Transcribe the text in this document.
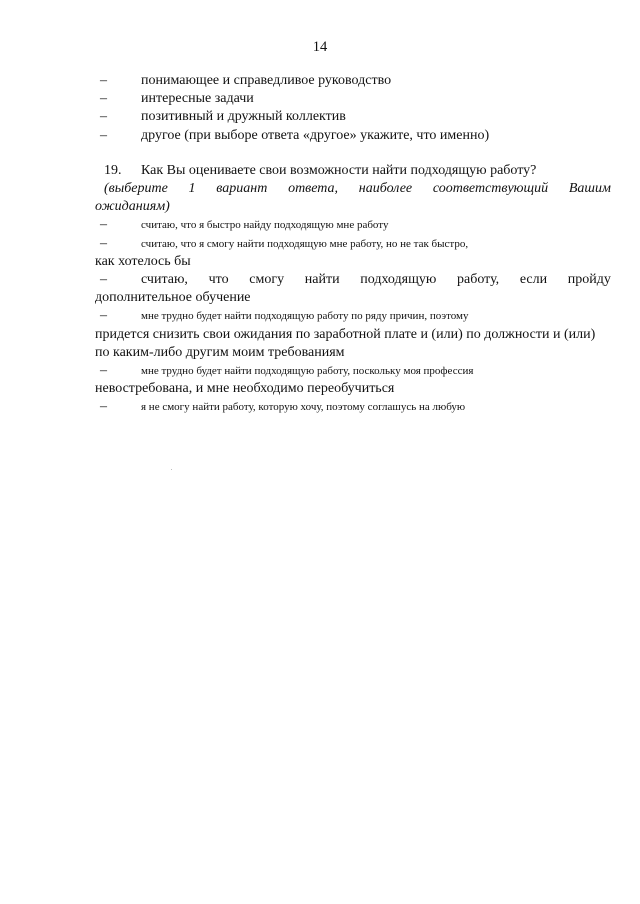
14
– понимающее и справедливое руководство
– интересные задачи
– позитивный и дружный коллектив
– другое (при выборе ответа «другое» укажите, что именно)
19. Как Вы оцениваете свои возможности найти подходящую работу?
(выберите 1 вариант ответа, наиболее соответствующий Вашим
ожиданиям)
–	считаю, что я быстро найду подходящую мне работу
–	считаю, что я смогу найти подходящую мне работу, но не так быстро,
как хотелось бы
– считаю, что смогу найти подходящую работу, если пройду
дополнительное обучение
–	мне трудно будет найти подходящую работу по ряду причин, поэтому
придется снизить свои ожидания по заработной плате и (или) по должности и (или)
по каким-либо другим моим требованиям
–	мне трудно будет найти подходящую работу, поскольку моя профессия
невостребована, и мне необходимо переобучиться
–	я не смогу найти работу, которую хочу, поэтому соглашусь на любую
